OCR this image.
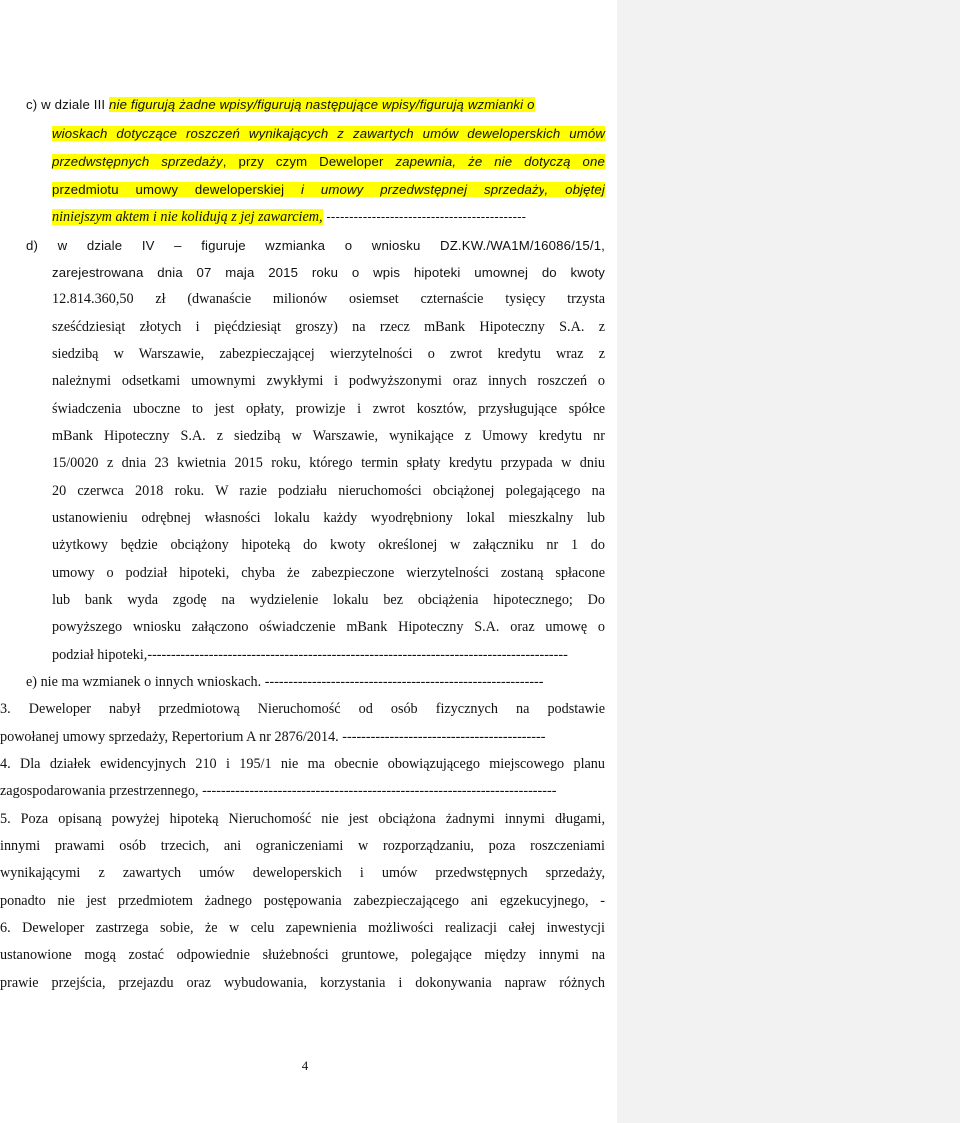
c) w dziale III nie figurują żadne wpisy/figurują następujące wpisy/figurują wzmianki o
wioskach dotyczące roszczeń wynikających z zawartych umów deweloperskich umów
przedwstępnych sprzedaży, przy czym Deweloper zapewnia, że nie dotyczą one
przedmiotu umowy deweloperskiej i umowy przedwstępnej sprzedaży, objętej
niniejszym aktem i nie kolidują z jej zawarciem, --------------------------------------------
d) w dziale IV – figuruje wzmianka o wniosku DZ.KW./WA1M/16086/15/1,
zarejestrowana dnia 07 maja 2015 roku o wpis hipoteki umownej do kwoty
12.814.360,50 zł (dwanaście milionów osiemset czternaście tysięcy trzysta
sześćdziesiąt złotych i pięćdziesiąt groszy) na rzecz mBank Hipoteczny S.A. z
siedzibą w Warszawie, zabezpieczającej wierzytelności o zwrot kredytu wraz z
należnymi odsetkami umownymi zwykłymi i podwyższonymi oraz innych roszczeń o
świadczenia uboczne to jest opłaty, prowizje i zwrot kosztów, przysługujące spółce
mBank Hipoteczny S.A. z siedzibą w Warszawie, wynikające z Umowy kredytu nr
15/0020 z dnia 23 kwietnia 2015 roku, którego termin spłaty kredytu przypada w dniu
20 czerwca 2018 roku. W razie podziału nieruchomości obciążonej polegającego na
ustanowieniu odrębnej własności lokalu każdy wyodrębniony lokal mieszkalny lub
użytkowy będzie obciążony hipoteką do kwoty określonej w załączniku nr 1 do
umowy o podział hipoteki, chyba że zabezpieczone wierzytelności zostaną spłacone
lub bank wyda zgodę na wydzielenie lokalu bez obciążenia hipotecznego; Do
powyższego wniosku załączono oświadczenie mBank Hipoteczny S.A. oraz umowę o
podział hipoteki,-----------------------------------------------------------------------------------------
e) nie ma wzmianek o innych wnioskach. -----------------------------------------------------------
3. Deweloper nabył przedmiotową Nieruchomość od osób fizycznych na podstawie
powołanej umowy sprzedaży, Repertorium A nr 2876/2014. -------------------------------------------
4. Dla działek ewidencyjnych 210 i 195/1 nie ma obecnie obowiązującego miejscowego planu
zagospodarowania przestrzennego, ---------------------------------------------------------------------------
5. Poza opisaną powyżej hipoteką Nieruchomość nie jest obciążona żadnymi innymi długami,
innymi prawami osób trzecich, ani ograniczeniami w rozporządzaniu, poza roszczeniami
wynikającymi z zawartych umów deweloperskich i umów przedwstępnych sprzedaży,
ponadto nie jest przedmiotem żadnego postępowania zabezpieczającego ani egzekucyjnego, -
6. Deweloper zastrzega sobie, że w celu zapewnienia możliwości realizacji całej inwestycji
ustanowione mogą zostać odpowiednie służebności gruntowe, polegające między innymi na
prawie przejścia, przejazdu oraz wybudowania, korzystania i dokonywania napraw różnych
4
